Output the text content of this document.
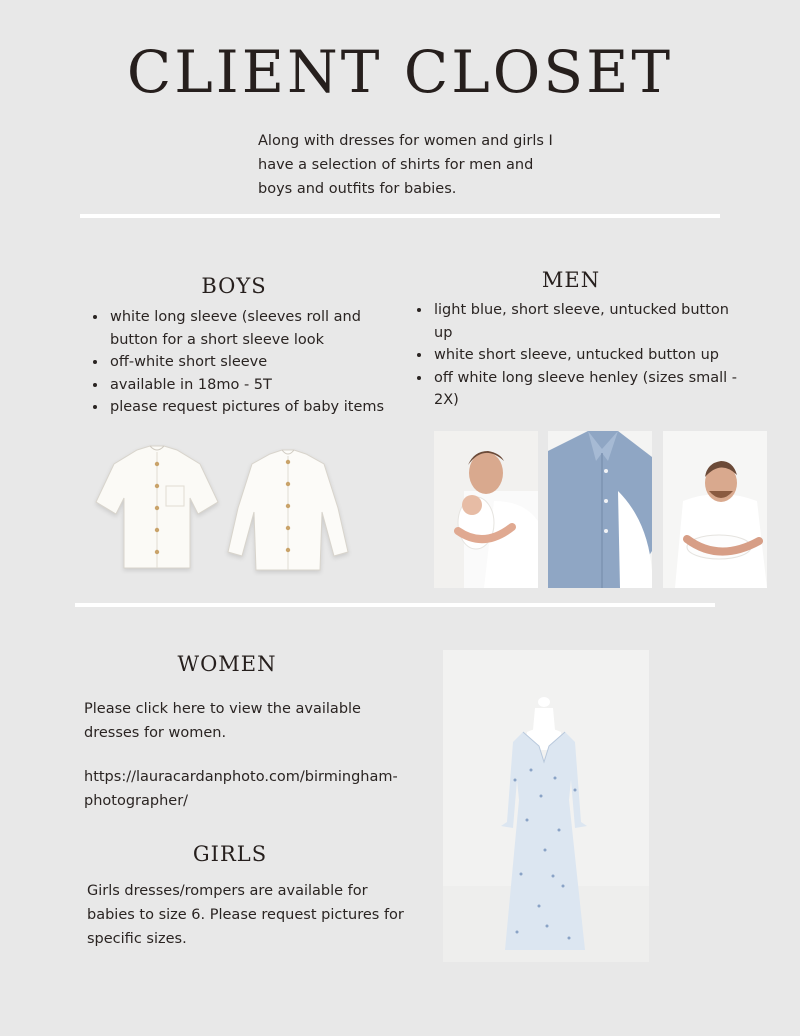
CLIENT CLOSET

Along with dresses for women and girls I have a selection of shirts for men and boys and outfits for babies.

BOYS
• white long sleeve (sleeves roll and button for a short sleeve look
• off-white short sleeve
• available in 18mo - 5T
• please request pictures of baby items
MEN
• light blue, short sleeve, untucked button up
• white short sleeve, untucked button up
• off white long sleeve henley (sizes small - 2X)
WOMEN

Please click here to view the available dresses for women.

https://lauracardanphoto.com/birmingham-photographer/

GIRLS

Girls dresses/rompers are available for babies to size 6. Please request pictures for specific sizes.
